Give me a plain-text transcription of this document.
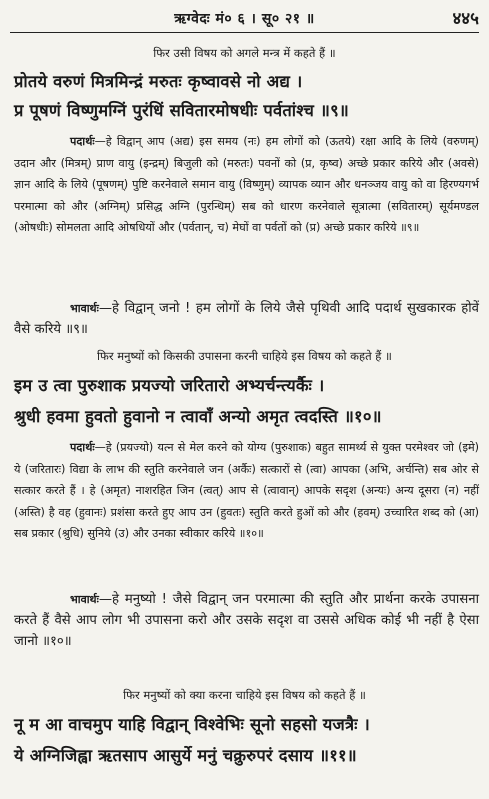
ऋग्वेदः मं० ६ । सू० २१ ॥	४४५
फिर उसी विषय को अगले मन्त्र में कहते हैं ॥
प्रोतये वरुणं मित्रमिन्द्रं मरुतः कृष्वावसे नो अद्य ।
प्र पूषणं विष्णुमग्निं पुरंधिं सवितारमोषधीः पर्वतांश्च ॥९॥
पदार्थः—हे विद्वान् आप (अद्य) इस समय (नः) हम लोगों को (ऊतये) रक्षा आदि के लिये (वरुणम्) उदान और (मित्रम्) प्राण वायु (इन्द्रम्) बिजुली को (मरुतः) पवनों को (प्र, कृष्व) अच्छे प्रकार करिये और (अवसे) ज्ञान आदि के लिये (पूषणम्) पुष्टि करनेवाले समान वायु (विष्णुम्) व्यापक व्यान और धनञ्जय वायु को वा हिरण्यगर्भ परमात्मा को और (अग्निम्) प्रसिद्ध अग्नि (पुरन्धिम्) सब को धारण करनेवाले सूत्रात्मा (सवितारम्) सूर्यमण्डल (ओषधीः) सोमलता आदि ओषधियों और (पर्वतान्, च) मेघों वा पर्वतों को (प्र) अच्छे प्रकार करिये ॥९॥
भावार्थः—हे विद्वान् जनो ! हम लोगों के लिये जैसे पृथिवी आदि पदार्थ सुखकारक होवें वैसे करिये ॥९॥
फिर मनुष्यों को किसकी उपासना करनी चाहिये इस विषय को कहते हैं ॥
इम उ त्वा पुरुशाक प्रयज्यो जरितारो अभ्यर्चन्त्यर्कैः ।
श्रुधी हवमा हुवतो हुवानो न त्वावाँ अन्यो अमृत त्वदस्ति ॥१०॥
पदार्थः—हे (प्रयज्यो) यत्न से मेल करने को योग्य (पुरुशाक) बहुत सामर्थ्य से युक्त परमेश्वर जो (इमे) ये (जरितारः) विद्या के लाभ की स्तुति करनेवाले जन (अर्कैः) सत्कारों से (त्वा) आपका (अभि, अर्चन्ति) सब ओर से सत्कार करते हैं । हे (अमृत) नाशरहित जिन (त्वत्) आप से (त्वावान्) आपके सदृश (अन्यः) अन्य दूसरा (न) नहीं (अस्ति) है वह (हुवानः) प्रशंसा करते हुए आप उन (हुवतः) स्तुति करते हुओं को और (हवम्) उच्चारित शब्द को (आ) सब प्रकार (श्रुधि) सुनिये (उ) और उनका स्वीकार करिये ॥१०॥
भावार्थः—हे मनुष्यो ! जैसे विद्वान् जन परमात्मा की स्तुति और प्रार्थना करके उपासना करते हैं वैसे आप लोग भी उपासना करो और उसके सदृश वा उससे अधिक कोई भी नहीं है ऐसा जानो ॥१०॥
फिर मनुष्यों को क्या करना चाहिये इस विषय को कहते हैं ॥
नू म आ वाचमुप याहि विद्वान् विश्वेभिः सूनो सहसो यजत्रैः ।
ये अग्निजिह्वा ऋतसाप आसुर्ये मनुं चक्रुरुपरं दसाय ॥११॥
